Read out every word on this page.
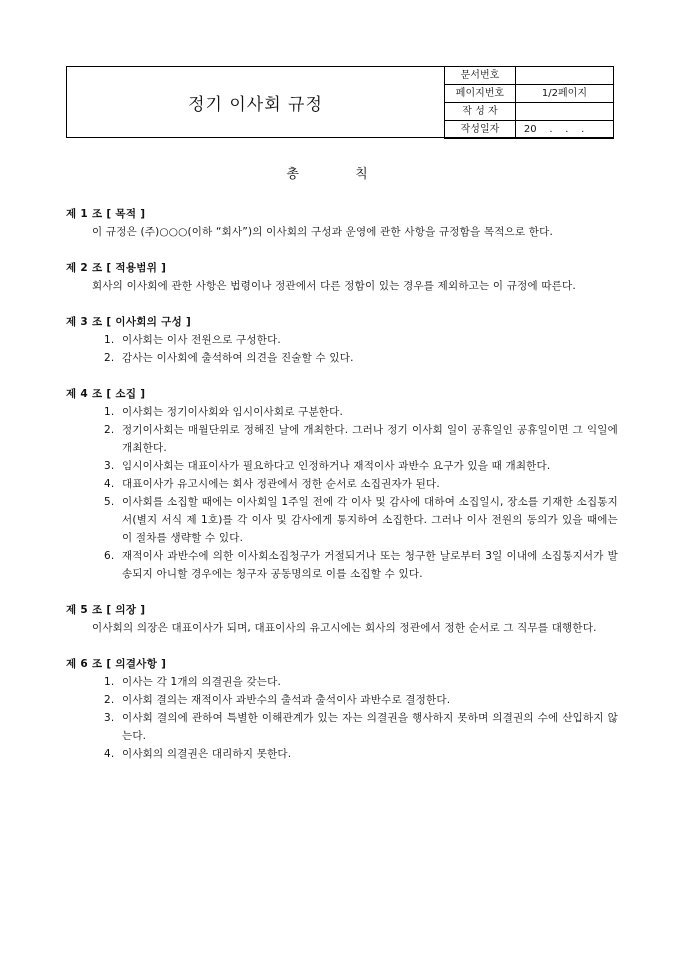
정기 이사회 규정
문서번호	
페이지번호	1/2페이지
작 성 자	
작성일자	20    .    .    .
총 칙
제 1 조 [ 목적 ]
이 규정은 (주)○○○(이하 “회사”)의 이사회의 구성과 운영에 관한 사항을 규정함을 목적으로 한다.
제 2 조 [ 적용범위 ]
회사의 이사회에 관한 사항은 법령이나 정관에서 다른 정함이 있는 경우를 제외하고는 이 규정에 따른다.
제 3 조 [ 이사회의 구성 ]
1. 이사회는 이사 전원으로 구성한다.
2. 감사는 이사회에 출석하여 의견을 진술할 수 있다.
제 4 조 [ 소집 ]
1. 이사회는 정기이사회와 임시이사회로 구분한다.
2. 정기이사회는 매월단위로 정해진 날에 개최한다. 그러나 정기 이사회 일이 공휴일인 공휴일이면 그 익일에 개최한다.
3. 임시이사회는 대표이사가 필요하다고 인정하거나 재적이사 과반수 요구가 있을 때 개최한다.
4. 대표이사가 유고시에는 회사 정관에서 정한 순서로 소집권자가 된다.
5. 이사회를 소집할 때에는 이사회일 1주일 전에 각 이사 및 감사에 대하여 소집일시, 장소를 기재한 소집통지서(별지 서식 제 1호)를 각 이사 및 감사에게 통지하여 소집한다. 그러나 이사 전원의 동의가 있을 때에는 이 절차를 생략할 수 있다.
6. 재적이사 과반수에 의한 이사회소집청구가 거절되거나 또는 청구한 날로부터 3일 이내에 소집통지서가 발송되지 아니할 경우에는 청구자 공동명의로 이를 소집할 수 있다.
제 5 조 [ 의장 ]
이사회의 의장은 대표이사가 되며, 대표이사의 유고시에는 회사의 정관에서 정한 순서로 그 직무를 대행한다.
제 6 조 [ 의결사항 ]
1. 이사는 각 1개의 의결권을 갖는다.
2. 이사회 결의는 재적이사 과반수의 출석과 출석이사 과반수로 결정한다.
3. 이사회 결의에 관하여 특별한 이해관계가 있는 자는 의결권을 행사하지 못하며 의결권의 수에 산입하지 않는다.
4. 이사회의 의결권은 대리하지 못한다.
